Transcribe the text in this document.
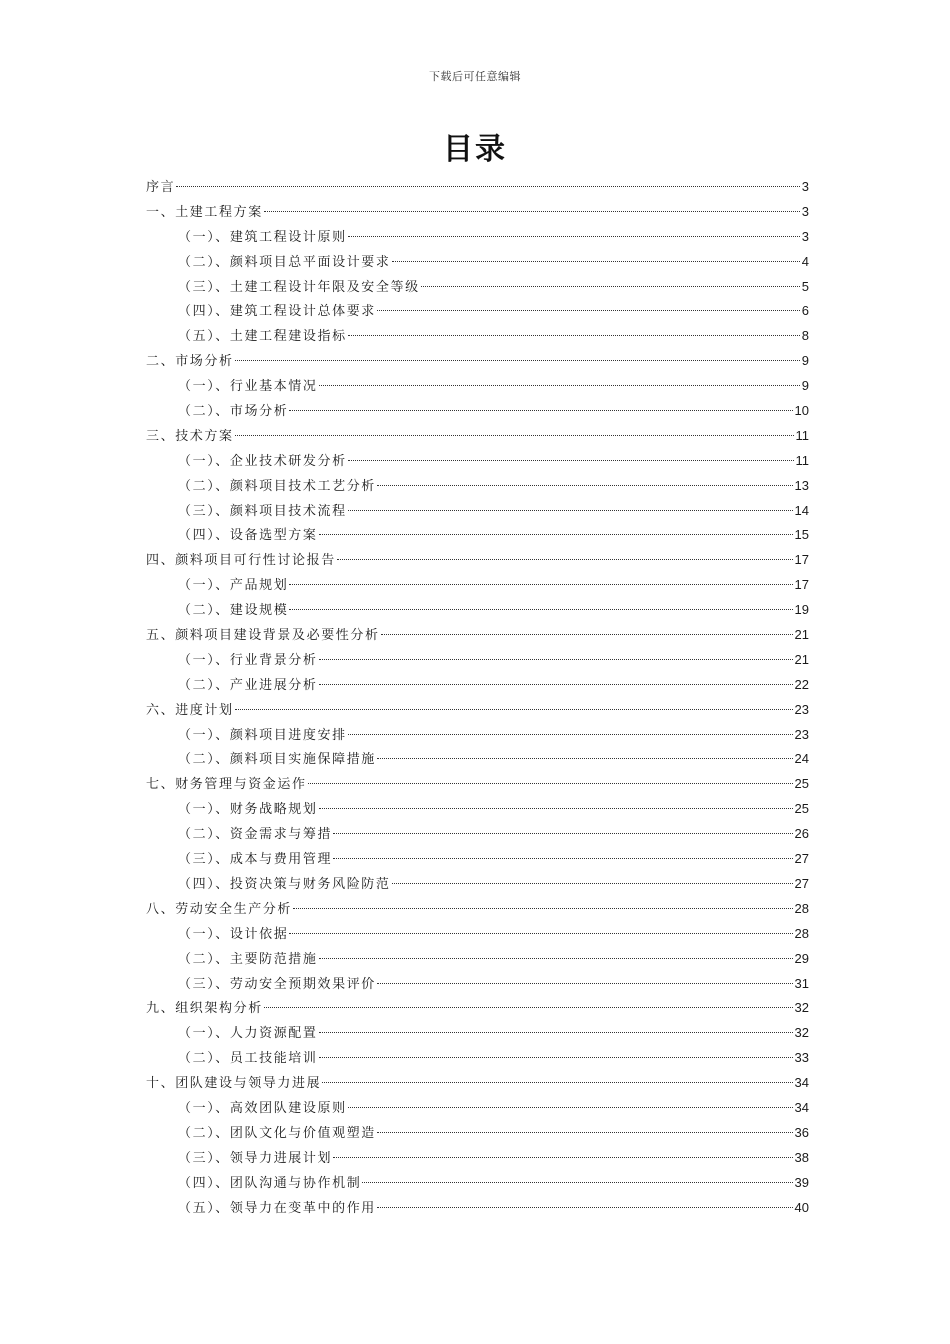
下载后可任意编辑
目录
序言	3
一、土建工程方案	3
（一）、建筑工程设计原则	3
（二）、颜料项目总平面设计要求	4
（三）、土建工程设计年限及安全等级	5
（四）、建筑工程设计总体要求	6
（五）、土建工程建设指标	8
二、市场分析	9
（一）、行业基本情况	9
（二）、市场分析	10
三、技术方案	11
（一）、企业技术研发分析	11
（二）、颜料项目技术工艺分析	13
（三）、颜料项目技术流程	14
（四）、设备选型方案	15
四、颜料项目可行性讨论报告	17
（一）、产品规划	17
（二）、建设规模	19
五、颜料项目建设背景及必要性分析	21
（一）、行业背景分析	21
（二）、产业进展分析	22
六、进度计划	23
（一）、颜料项目进度安排	23
（二）、颜料项目实施保障措施	24
七、财务管理与资金运作	25
（一）、财务战略规划	25
（二）、资金需求与筹措	26
（三）、成本与费用管理	27
（四）、投资决策与财务风险防范	27
八、劳动安全生产分析	28
（一）、设计依据	28
（二）、主要防范措施	29
（三）、劳动安全预期效果评价	31
九、组织架构分析	32
（一）、人力资源配置	32
（二）、员工技能培训	33
十、团队建设与领导力进展	34
（一）、高效团队建设原则	34
（二）、团队文化与价值观塑造	36
（三）、领导力进展计划	38
（四）、团队沟通与协作机制	39
（五）、领导力在变革中的作用	40
